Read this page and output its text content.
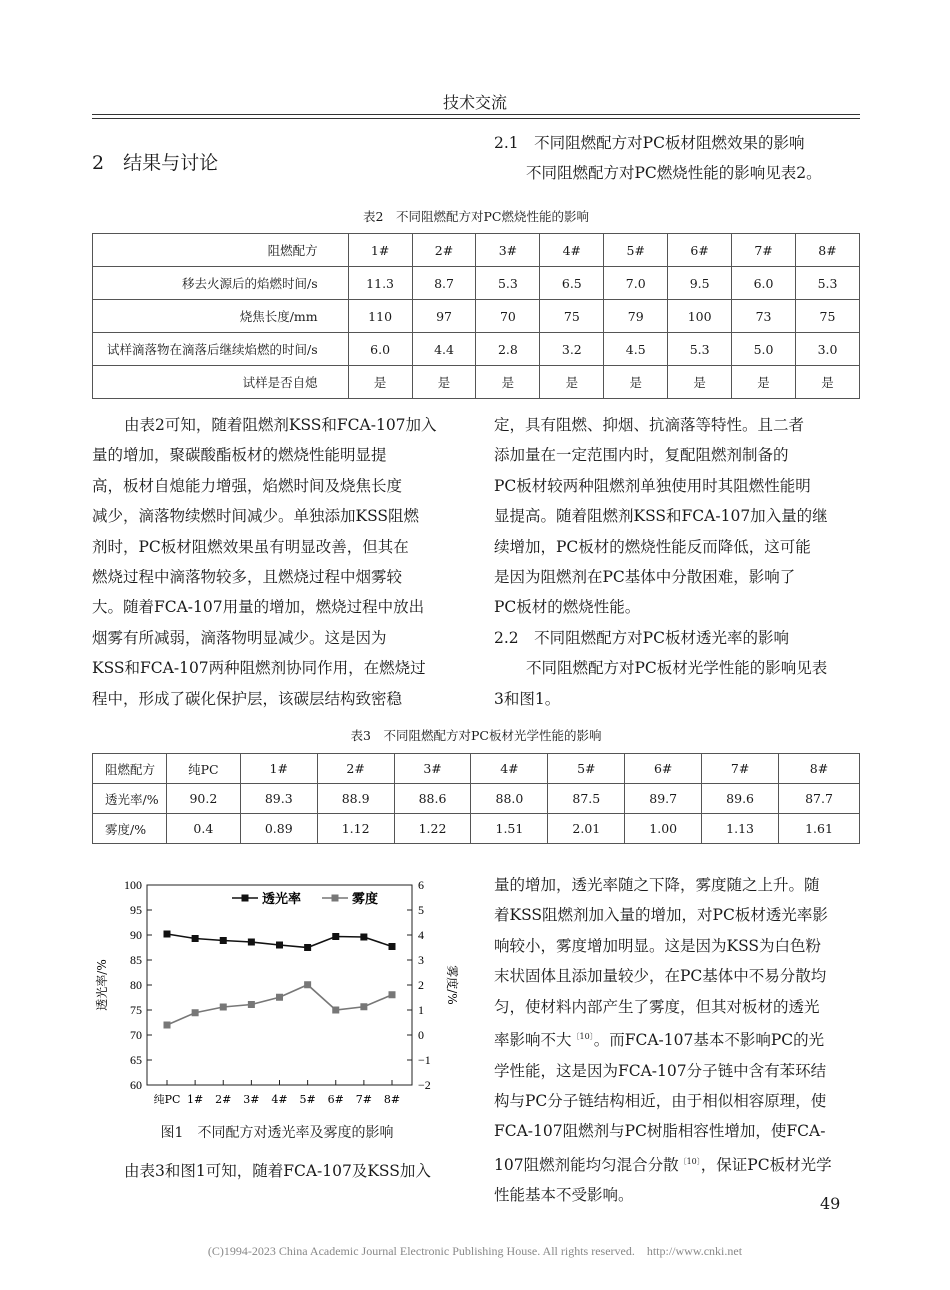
技术交流
2　结果与讨论
2.1　不同阻燃配方对PC板材阻燃效果的影响
不同阻燃配方对PC燃烧性能的影响见表2。
表2　不同阻燃配方对PC燃烧性能的影响
阻燃配方	1#	2#	3#	4#	5#	6#	7#	8#
移去火源后的焰燃时间/s	11.3	8.7	5.3	6.5	7.0	9.5	6.0	5.3
烧焦长度/mm	110	97	70	75	79	100	73	75
试样滴落物在滴落后继续焰燃的时间/s	6.0	4.4	2.8	3.2	4.5	5.3	5.0	3.0
试样是否自熄	是	是	是	是	是	是	是	是
由表2可知，随着阻燃剂KSS和FCA-107加入
量的增加，聚碳酸酯板材的燃烧性能明显提
高，板材自熄能力增强，焰燃时间及烧焦长度
减少，滴落物续燃时间减少。单独添加KSS阻燃
剂时，PC板材阻燃效果虽有明显改善，但其在
燃烧过程中滴落物较多，且燃烧过程中烟雾较
大。随着FCA-107用量的增加，燃烧过程中放出
烟雾有所减弱，滴落物明显减少。这是因为
KSS和FCA-107两种阻燃剂协同作用，在燃烧过
程中，形成了碳化保护层，该碳层结构致密稳
定，具有阻燃、抑烟、抗滴落等特性。且二者
添加量在一定范围内时，复配阻燃剂制备的
PC板材较两种阻燃剂单独使用时其阻燃性能明
显提高。随着阻燃剂KSS和FCA-107加入量的继
续增加，PC板材的燃烧性能反而降低，这可能
是因为阻燃剂在PC基体中分散困难，影响了
PC板材的燃烧性能。
2.2　不同阻燃配方对PC板材透光率的影响
不同阻燃配方对PC板材光学性能的影响见表
3和图1。
表3　不同阻燃配方对PC板材光学性能的影响
阻燃配方	纯PC	1#	2#	3#	4#	5#	6#	7#	8#
透光率/%	90.2	89.3	88.9	88.6	88.0	87.5	89.7	89.6	87.7
雾度/%	0.4	0.89	1.12	1.22	1.51	2.01	1.00	1.13	1.61
60
65
70
75
80
85
90
95
100
−2
−1
0
1
2
3
4
5
6
纯PC 1# 2# 3# 4# 5# 6# 7# 8#
透光率/%	雾度/%
透光率	雾度
图1　不同配方对透光率及雾度的影响
由表3和图1可知，随着FCA-107及KSS加入
量的增加，透光率随之下降，雾度随之上升。随
着KSS阻燃剂加入量的增加，对PC板材透光率影
响较小，雾度增加明显。这是因为KSS为白色粉
末状固体且添加量较少，在PC基体中不易分散均
匀，使材料内部产生了雾度，但其对板材的透光
率影响不大$^{〔10〕}$。而FCA-107基本不影响PC的光
学性能，这是因为FCA-107分子链中含有苯环结
构与PC分子链结构相近，由于相似相容原理，使
FCA-107阻燃剂与PC树脂相容性增加，使FCA-
107阻燃剂能均匀混合分散$^{〔10〕}$，保证PC板材光学
性能基本不受影响。	49
(C)1994-2023 China Academic Journal Electronic Publishing House. All rights reserved.　http://www.cnki.net
